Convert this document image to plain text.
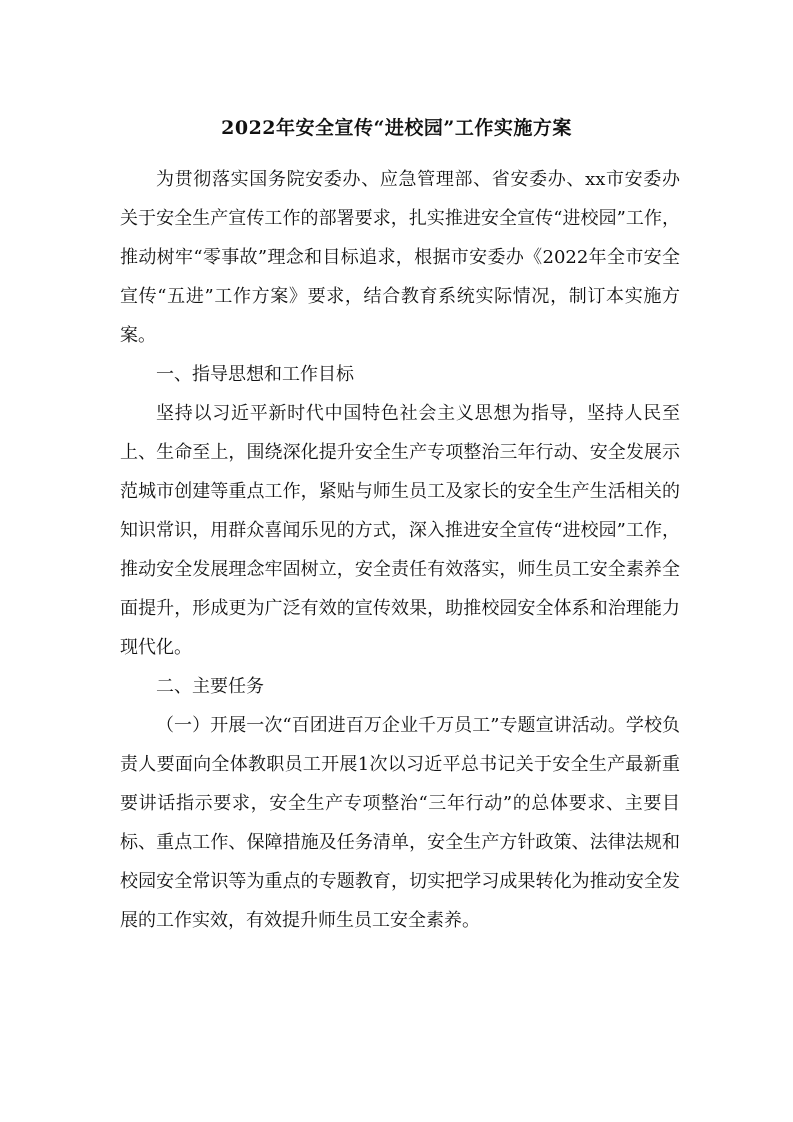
2022年安全宣传“进校园”工作实施方案

为贯彻落实国务院安委办、应急管理部、省安委办、xx市安委办关于安全生产宣传工作的部署要求，扎实推进安全宣传“进校园”工作，推动树牢“零事故”理念和目标追求，根据市安委办《2022年全市安全宣传“五进”工作方案》要求，结合教育系统实际情况，制订本实施方案。

一、指导思想和工作目标

坚持以习近平新时代中国特色社会主义思想为指导，坚持人民至上、生命至上，围绕深化提升安全生产专项整治三年行动、安全发展示范城市创建等重点工作，紧贴与师生员工及家长的安全生产生活相关的知识常识，用群众喜闻乐见的方式，深入推进安全宣传“进校园”工作，推动安全发展理念牢固树立，安全责任有效落实，师生员工安全素养全面提升，形成更为广泛有效的宣传效果，助推校园安全体系和治理能力现代化。

二、主要任务

（一）开展一次“百团进百万企业千万员工”专题宣讲活动。学校负责人要面向全体教职员工开展1次以习近平总书记关于安全生产最新重要讲话指示要求，安全生产专项整治“三年行动”的总体要求、主要目标、重点工作、保障措施及任务清单，安全生产方针政策、法律法规和校园安全常识等为重点的专题教育，切实把学习成果转化为推动安全发展的工作实效，有效提升师生员工安全素养。
